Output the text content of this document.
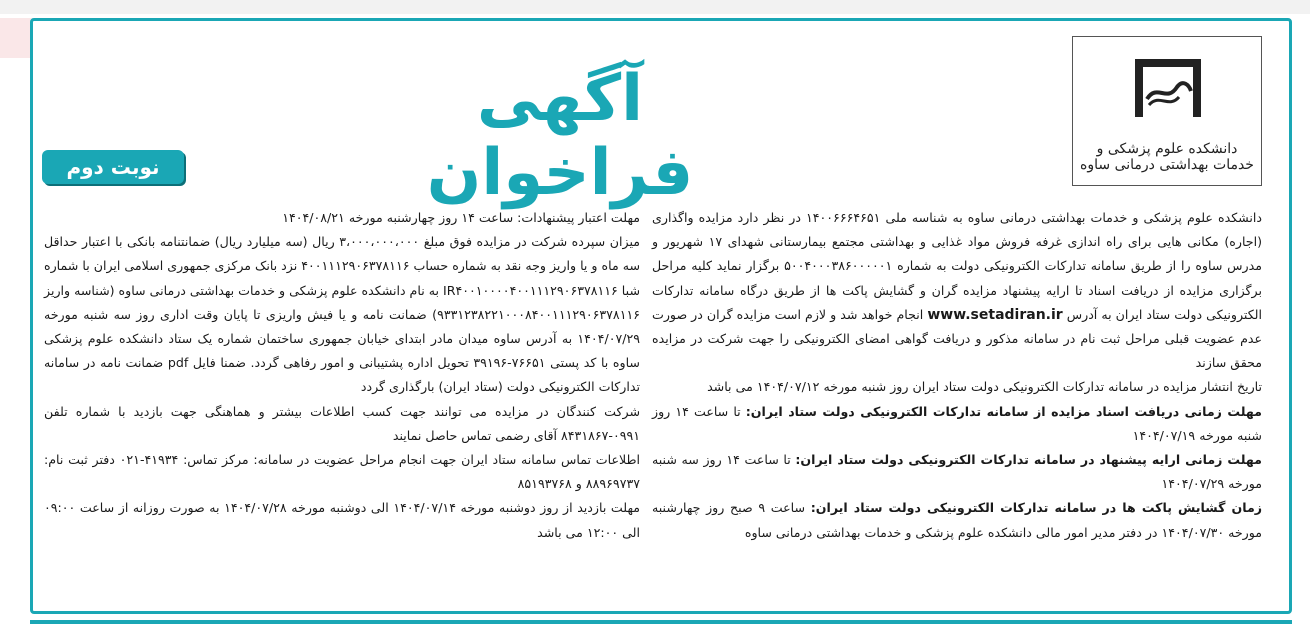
دانشکده علوم پزشکی و خدمات بهداشتی درمانی ساوه
آگهی فراخوان
نوبت دوم

دانشکده علوم پزشکی و خدمات بهداشتی درمانی ساوه به شناسه ملی ۱۴۰۰۶۶۶۴۶۵۱ در نظر دارد مزایده واگذاری (اجاره) مکانی هایی برای راه اندازی غرفه فروش مواد غذایی و بهداشتی مجتمع بیمارستانی شهدای ۱۷ شهریور و مدرس ساوه را از طریق سامانه تدارکات الکترونیکی دولت به شماره ۵۰۰۴۰۰۰۳۸۶۰۰۰۰۰۱ برگزار نماید کلیه مراحل برگزاری مزایده از دریافت اسناد تا ارایه پیشنهاد مزایده گران و گشایش پاکت ها از طریق درگاه سامانه تدارکات الکترونیکی دولت ستاد ایران به آدرس www.setadiran.ir انجام خواهد شد و لازم است مزایده گران در صورت عدم عضویت قبلی مراحل ثبت نام در سامانه مذکور و دریافت گواهی امضای الکترونیکی را جهت شرکت در مزایده محقق سازند

تاریخ انتشار مزایده در سامانه تدارکات الکترونیکی دولت ستاد ایران روز شنبه مورخه ۱۴۰۴/۰۷/۱۲ می باشد

مهلت زمانی دریافت اسناد مزایده از سامانه تدارکات الکترونیکی دولت ستاد ایران: تا ساعت ۱۴ روز شنبه مورخه ۱۴۰۴/۰۷/۱۹

مهلت زمانی ارایه پیشنهاد در سامانه تدارکات الکترونیکی دولت ستاد ایران: تا ساعت ۱۴ روز سه شنبه مورخه ۱۴۰۴/۰۷/۲۹

زمان گشایش پاکت ها در سامانه تدارکات الکترونیکی دولت ستاد ایران: ساعت ۹ صبح روز چهارشنبه مورخه ۱۴۰۴/۰۷/۳۰ در دفتر مدیر امور مالی دانشکده علوم پزشکی و خدمات بهداشتی درمانی ساوه

مهلت اعتبار پیشنهادات: ساعت ۱۴ روز چهارشنبه مورخه ۱۴۰۴/۰۸/۲۱

میزان سپرده شرکت در مزایده فوق مبلغ ۳،۰۰۰،۰۰۰،۰۰۰ ریال (سه میلیارد ریال) ضمانتنامه بانکی با اعتبار حداقل سه ماه و یا واریز وجه نقد به شماره حساب ۴۰۰۱۱۱۲۹۰۶۳۷۸۱۱۶ نزد بانک مرکزی جمهوری اسلامی ایران با شماره شبا IR۴۰۰۱۰۰۰۰۴۰۰۱۱۱۲۹۰۶۳۷۸۱۱۶ به نام دانشکده علوم پزشکی و خدمات بهداشتی درمانی ساوه (شناسه واریز ۹۳۳۱۲۳۸۲۲۱۰۰۰۸۴۰۰۱۱۱۲۹۰۶۳۷۸۱۱۶) ضمانت نامه و یا فیش واریزی تا پایان وقت اداری روز سه شنبه مورخه ۱۴۰۴/۰۷/۲۹ به آدرس ساوه میدان مادر ابتدای خیابان جمهوری ساختمان شماره یک ستاد دانشکده علوم پزشکی ساوه با کد پستی ۷۶۶۵۱-۳۹۱۹۶ تحویل اداره پشتیبانی و امور رفاهی گردد. ضمنا فایل pdf ضمانت نامه در سامانه تدارکات الکترونیکی دولت (ستاد ایران) بارگذاری گردد

شرکت کنندگان در مزایده می توانند جهت کسب اطلاعات بیشتر و هماهنگی جهت بازدید با شماره تلفن ۰۹۹۱-۸۴۳۱۸۶۷ آقای رضمی تماس حاصل نمایند

اطلاعات تماس سامانه ستاد ایران جهت انجام مراحل عضویت در سامانه: مرکز تماس: ۴۱۹۳۴-۰۲۱ دفتر ثبت نام: ۸۸۹۶۹۷۳۷ و ۸۵۱۹۳۷۶۸

مهلت بازدید از روز دوشنبه مورخه ۱۴۰۴/۰۷/۱۴ الی دوشنبه مورخه ۱۴۰۴/۰۷/۲۸ به صورت روزانه از ساعت ۰۹:۰۰ الی ۱۲:۰۰ می باشد
